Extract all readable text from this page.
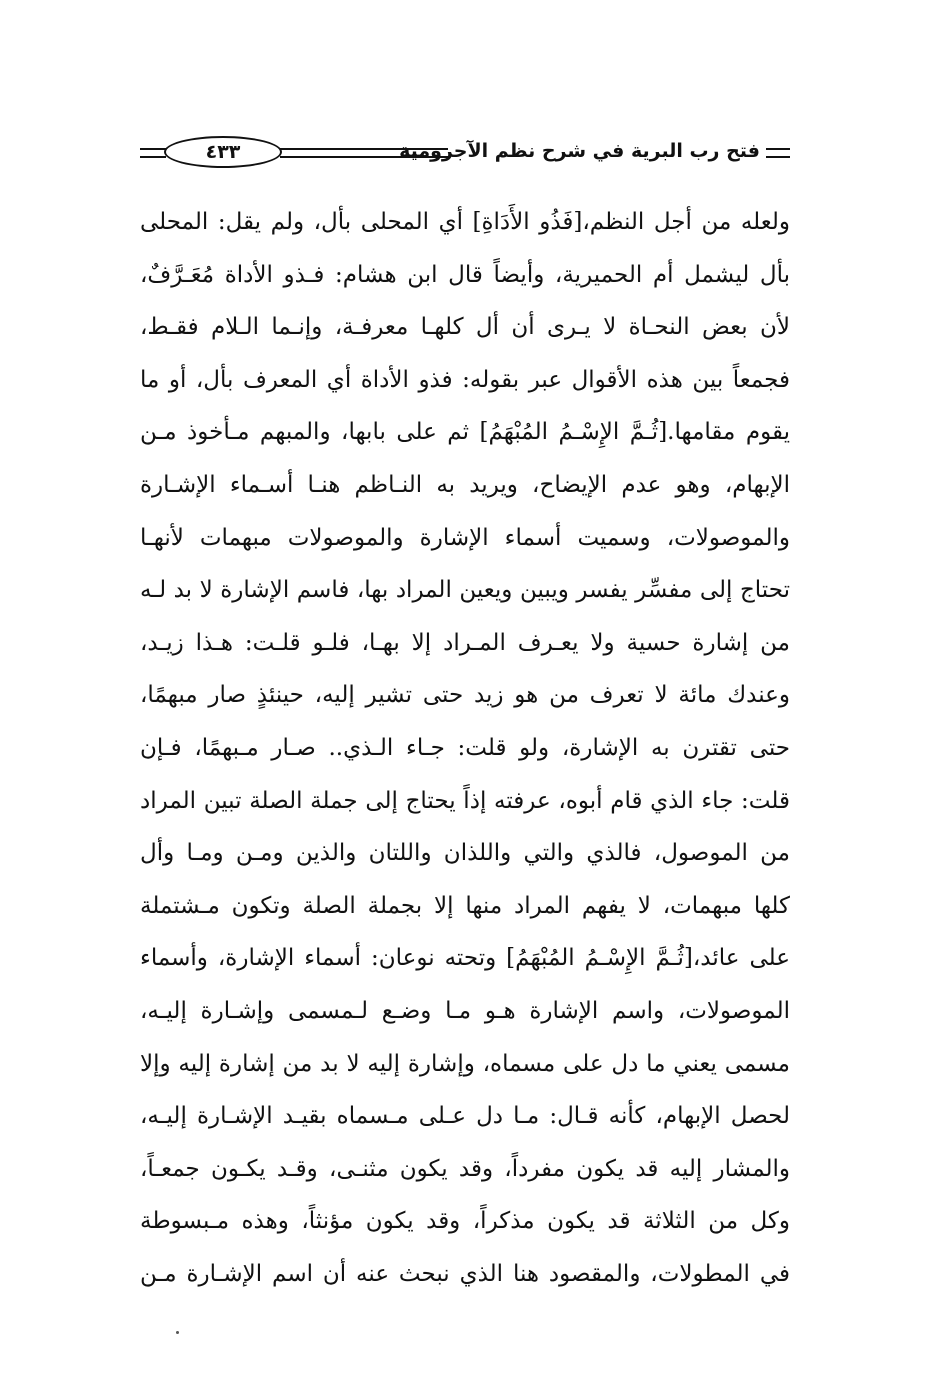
فتح رب البرية في شرح نظم الآجرومية
٤٣٣
ولعله من أجل النظم،[فَذُو الأَدَاةِ] أي المحلى بأل، ولم يقل: المحلى
بأل ليشمل أم الحميرية، وأيضاً قال ابن هشام: فـذو الأداة مُعَـرَّفٌ،
لأن بعض النحـاة لا يـرى أن أل كلهـا معرفـة، وإنـما الـلام فقـط،
فجمعاً بين هذه الأقوال عبر بقوله: فذو الأداة أي المعرف بأل، أو ما
يقوم مقامها.[ثُـمَّ الإِسْـمُ المُبْهَمُ] ثم على بابها، والمبهم مـأخوذ مـن
الإبهام، وهو عدم الإيضاح، ويريد به النـاظم هنـا أسـماء الإشـارة
والموصولات، وسميت أسماء الإشارة والموصولات مبهمات لأنهـا
تحتاج إلى مفسِّر يفسر ويبين ويعين المراد بها، فاسم الإشارة لا بد لـه
من إشارة حسية ولا يعـرف المـراد إلا بهـا، فلـو قلـت: هـذا زيـد،
وعندك مائة لا تعرف من هو زيد حتى تشير إليه، حينئذٍ صار مبهمًا،
حتى تقترن به الإشارة، ولو قلت: جـاء الـذي.. صـار مـبهمًا، فـإن
قلت: جاء الذي قام أبوه، عرفته إذاً يحتاج إلى جملة الصلة تبين المراد
من الموصول، فالذي والتي واللذان واللتان والذين ومـن ومـا وأل
كلها مبهمات، لا يفهم المراد منها إلا بجملة الصلة وتكون مـشتملة
على عائد،[ثُـمَّ الإِسْـمُ المُبْهَمُ] وتحته نوعان: أسماء الإشارة، وأسماء
الموصولات، واسم الإشارة هـو مـا وضـع لـمسمى وإشـارة إليـه،
مسمى يعني ما دل على مسماه، وإشارة إليه لا بد من إشارة إليه وإلا
لحصل الإبهام، كأنه قـال: مـا دل عـلى مـسماه بقيـد الإشـارة إليـه،
والمشار إليه قد يكون مفرداً، وقد يكون مثنـى، وقـد يكـون جمعـاً،
وكل من الثلاثة قد يكون مذكراً، وقد يكون مؤنثاً، وهذه مـبسوطة
في المطولات، والمقصود هنا الذي نبحث عنه أن اسم الإشـارة مـن
